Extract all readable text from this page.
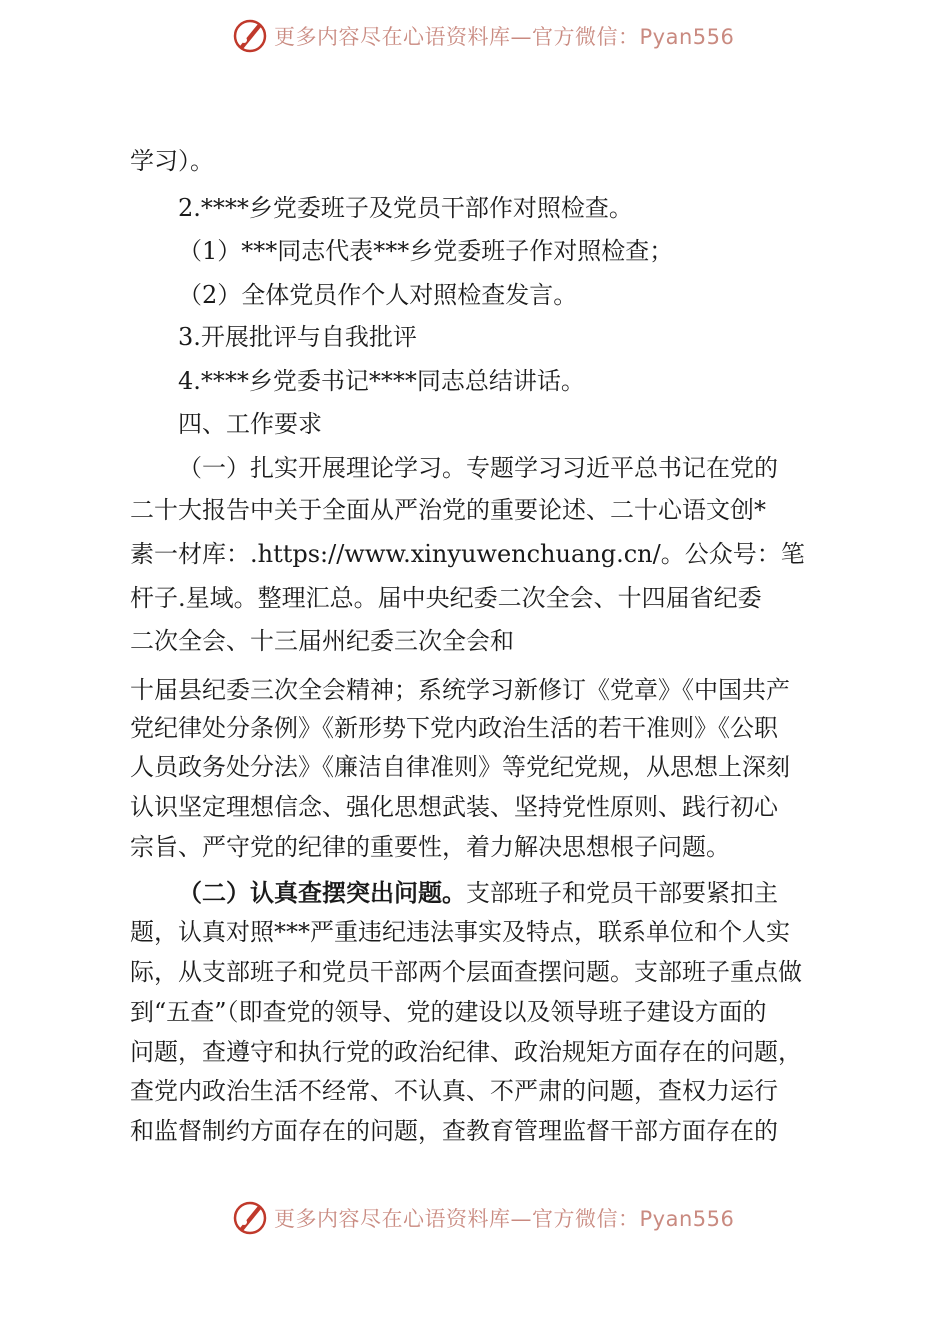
更多内容尽在心语资料库—官方微信：Pyan556
学习）。
2.****乡党委班子及党员干部作对照检查。
（1）***同志代表***乡党委班子作对照检查；
（2）全体党员作个人对照检查发言。
3.开展批评与自我批评
4.****乡党委书记****同志总结讲话。
四、工作要求
（一）扎实开展理论学习。专题学习习近平总书记在党的
二十大报告中关于全面从严治党的重要论述、二十心语文创*
素一材库：.https://www.xinyuwenchuang.cn/。公众号：笔
杆子.星域。整理汇总。届中央纪委二次全会、十四届省纪委
二次全会、十三届州纪委三次全会和
十届县纪委三次全会精神；系统学习新修订《党章》《中国共产
党纪律处分条例》《新形势下党内政治生活的若干准则》《公职
人员政务处分法》《廉洁自律准则》等党纪党规，从思想上深刻
认识坚定理想信念、强化思想武装、坚持党性原则、践行初心
宗旨、严守党的纪律的重要性，着力解决思想根子问题。
（二）认真查摆突出问题。支部班子和党员干部要紧扣主
题，认真对照***严重违纪违法事实及特点，联系单位和个人实
际，从支部班子和党员干部两个层面查摆问题。支部班子重点做
到“五查”（即查党的领导、党的建设以及领导班子建设方面的
问题，查遵守和执行党的政治纪律、政治规矩方面存在的问题，
查党内政治生活不经常、不认真、不严肃的问题，查权力运行
和监督制约方面存在的问题，查教育管理监督干部方面存在的
更多内容尽在心语资料库—官方微信：Pyan556
